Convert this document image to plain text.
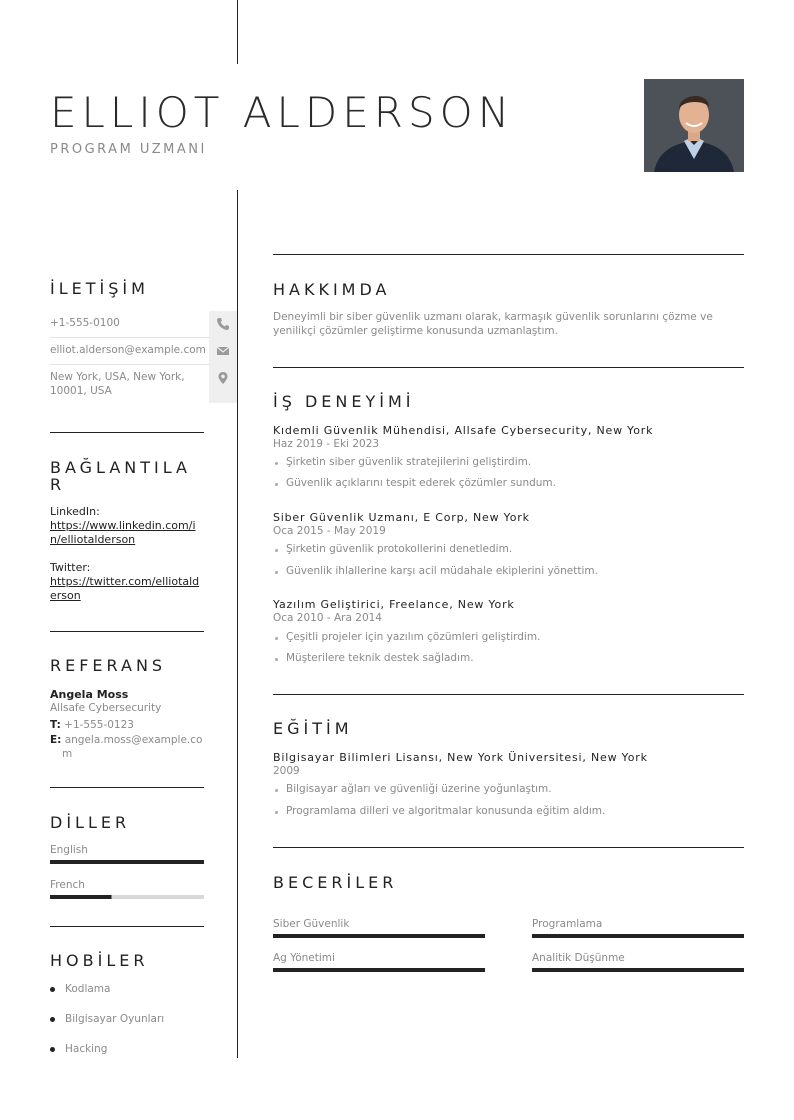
ELLIOT ALDERSON
PROGRAM UZMANI
İLETİŞİM
+1-555-0100
elliot.alderson@example.com
New York, USA, New York,
10001, USA
BAĞLANTILA
R
LinkedIn:
https://www.linkedin.com/i
n/elliotalderson
Twitter:
https://twitter.com/elliotald
erson
REFERANS
Angela Moss
Allsafe Cybersecurity
T: +1-555-0123
E: angela.moss@example.co
m
DİLLER
English
French
HOBİLER
Kodlama
Bilgisayar Oyunları
Hacking
HAKKIMDA
Deneyimli bir siber güvenlik uzmanı olarak, karmaşık güvenlik sorunlarını çözme ve yenilikçi çözümler geliştirme konusunda uzmanlaştım.
İŞ DENEYİMİ
Kıdemli Güvenlik Mühendisi, Allsafe Cybersecurity, New York
Haz 2019 - Eki 2023
Şirketin siber güvenlik stratejilerini geliştirdim.
Güvenlik açıklarını tespit ederek çözümler sundum.
Siber Güvenlik Uzmanı, E Corp, New York
Oca 2015 - May 2019
Şirketin güvenlik protokollerini denetledim.
Güvenlik ihlallerine karşı acil müdahale ekiplerini yönettim.
Yazılım Geliştirici, Freelance, New York
Oca 2010 - Ara 2014
Çeşitli projeler için yazılım çözümleri geliştirdim.
Müşterilere teknik destek sağladım.
EĞİTİM
Bilgisayar Bilimleri Lisansı, New York Üniversitesi, New York
2009
Bilgisayar ağları ve güvenliği üzerine yoğunlaştım.
Programlama dilleri ve algoritmalar konusunda eğitim aldım.
BECERİLER
Siber Güvenlik	Programlama
Ag Yönetimi	Analitik Düşünme
